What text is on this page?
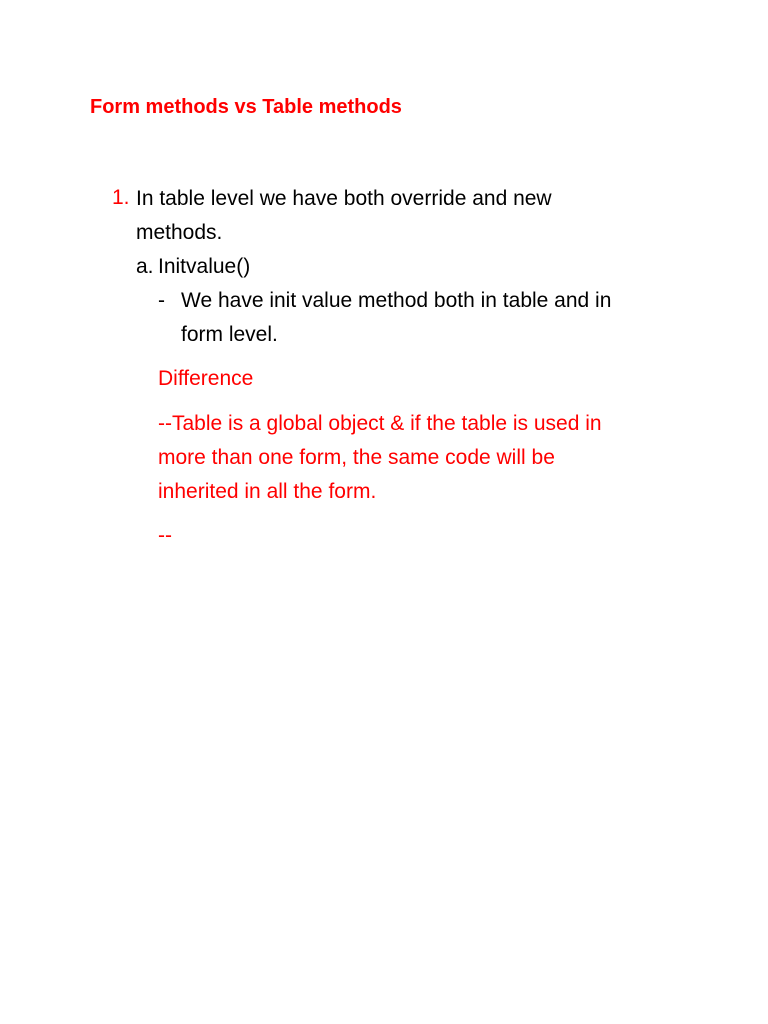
Form methods vs Table methods
1. In table level we have both override and new
methods.
a. Initvalue()
- We have init value method both in table and in
form level.
Difference
--Table is a global object & if the table is used in
more than one form, the same code will be
inherited in all the form.
--
